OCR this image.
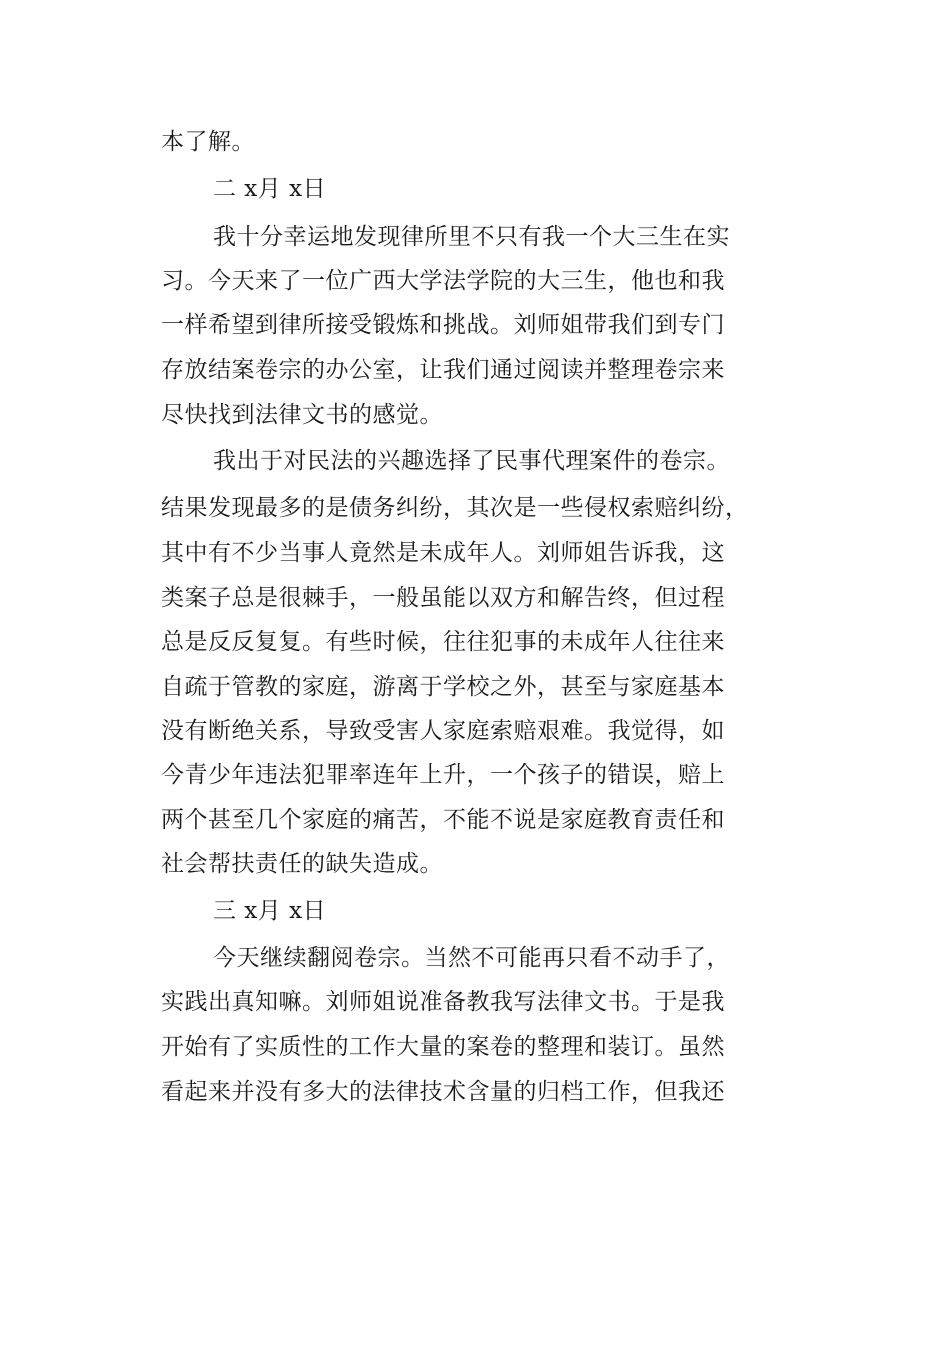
本了解。
二 x月 x日
我十分幸运地发现律所里不只有我一个大三生在实
习。今天来了一位广西大学法学院的大三生，他也和我
一样希望到律所接受锻炼和挑战。刘师姐带我们到专门
存放结案卷宗的办公室，让我们通过阅读并整理卷宗来
尽快找到法律文书的感觉。
我出于对民法的兴趣选择了民事代理案件的卷宗。
结果发现最多的是债务纠纷，其次是一些侵权索赔纠纷，
其中有不少当事人竟然是未成年人。刘师姐告诉我，这
类案子总是很棘手，一般虽能以双方和解告终，但过程
总是反反复复。有些时候，往往犯事的未成年人往往来
自疏于管教的家庭，游离于学校之外，甚至与家庭基本
没有断绝关系，导致受害人家庭索赔艰难。我觉得，如
今青少年违法犯罪率连年上升，一个孩子的错误，赔上
两个甚至几个家庭的痛苦，不能不说是家庭教育责任和
社会帮扶责任的缺失造成。
三 x月 x日
今天继续翻阅卷宗。当然不可能再只看不动手了，
实践出真知嘛。刘师姐说准备教我写法律文书。于是我
开始有了实质性的工作大量的案卷的整理和装订。虽然
看起来并没有多大的法律技术含量的归档工作，但我还
